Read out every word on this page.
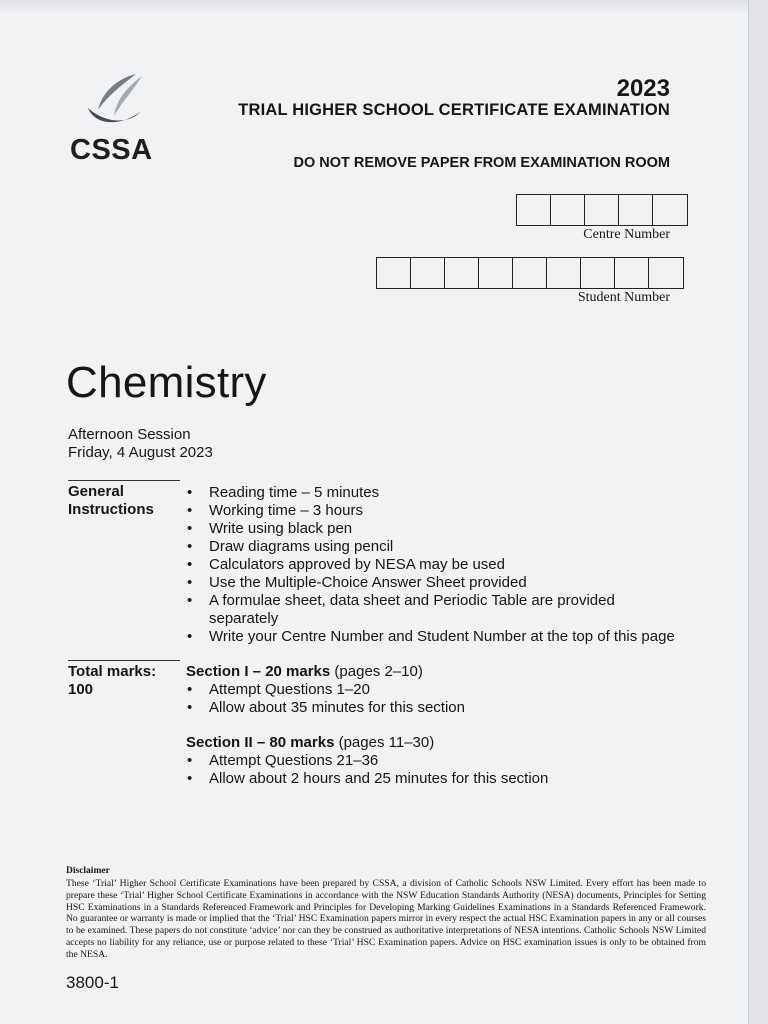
CSSA
2023
TRIAL HIGHER SCHOOL CERTIFICATE EXAMINATION
DO NOT REMOVE PAPER FROM EXAMINATION ROOM
Centre Number
Student Number
Chemistry
Afternoon Session
Friday, 4 August 2023
General
Instructions
• Reading time – 5 minutes
• Working time – 3 hours
• Write using black pen
• Draw diagrams using pencil
• Calculators approved by NESA may be used
• Use the Multiple-Choice Answer Sheet provided
• A formulae sheet, data sheet and Periodic Table are provided separately
• Write your Centre Number and Student Number at the top of this page
Total marks:
100
Section I – 20 marks (pages 2–10)
• Attempt Questions 1–20
• Allow about 35 minutes for this section
Section II – 80 marks (pages 11–30)
• Attempt Questions 21–36
• Allow about 2 hours and 25 minutes for this section
Disclaimer
These ‘Trial’ Higher School Certificate Examinations have been prepared by CSSA, a division of Catholic Schools NSW Limited. Every effort has been made to prepare these ‘Trial’ Higher School Certificate Examinations in accordance with the NSW Education Standards Authority (NESA) documents, Principles for Setting HSC Examinations in a Standards Referenced Framework and Principles for Developing Marking Guidelines Examinations in a Standards Referenced Framework. No guarantee or warranty is made or implied that the ‘Trial’ HSC Examination papers mirror in every respect the actual HSC Examination papers in any or all courses to be examined. These papers do not constitute ‘advice’ nor can they be construed as authoritative interpretations of NESA intentions. Catholic Schools NSW Limited accepts no liability for any reliance, use or purpose related to these ‘Trial’ HSC Examination papers. Advice on HSC examination issues is only to be obtained from the NESA.
3800-1
